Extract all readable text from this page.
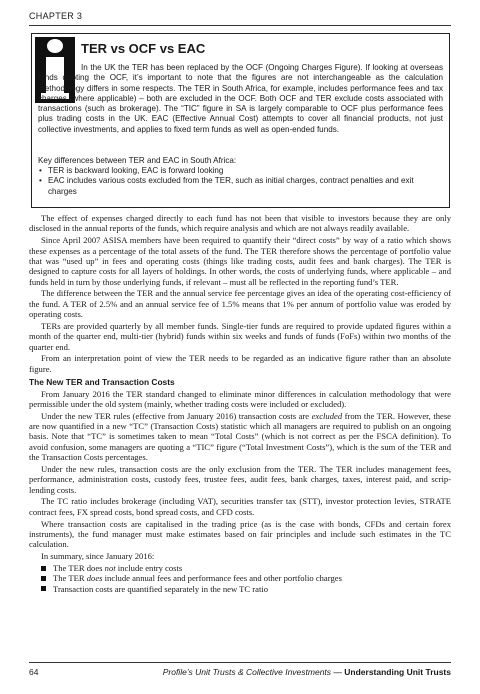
CHAPTER 3
TER vs OCF vs EAC

In the UK the TER has been replaced by the OCF (Ongoing Charges Figure). If looking at overseas funds quoting the OCF, it’s important to note that the figures are not interchangeable as the calculation methodology differs in some respects. The TER in South Africa, for example, includes performance fees and tax charges (where applicable) – both are excluded in the OCF. Both OCF and TER exclude costs associated with transactions (such as brokerage). The “TIC” figure in SA is largely comparable to OCF plus performance fees plus trading costs in the UK. EAC (Effective Annual Cost) attempts to cover all financial products, not just collective investments, and applies to fixed term funds as well as open-ended funds.

Key differences between TER and EAC in South Africa:

• TER is backward looking, EAC is forward looking
• EAC includes various costs excluded from the TER, such as initial charges, contract penalties and exit charges

The effect of expenses charged directly to each fund has not been that visible to investors because they are only disclosed in the annual reports of the funds, which require analysis and which are not always readily available.

Since April 2007 ASISA members have been required to quantify their “direct costs” by way of a ratio which shows these expenses as a percentage of the total assets of the fund. The TER therefore shows the percentage of portfolio value that was “used up” in fees and operating costs (things like trading costs, audit fees and bank charges). The TER is designed to capture costs for all layers of holdings. In other words, the costs of underlying funds, where applicable – and funds held in turn by those underlying funds, if relevant – must all be reflected in the reporting fund’s TER.

The difference between the TER and the annual service fee percentage gives an idea of the operating cost-efficiency of the fund. A TER of 2.5% and an annual service fee of 1.5% means that 1% per annum of portfolio value was eroded by operating costs.

TERs are provided quarterly by all member funds. Single-tier funds are required to provide updated figures within a month of the quarter end, multi-tier (hybrid) funds within six weeks and funds of funds (FoFs) within two months of the quarter end.

From an interpretation point of view the TER needs to be regarded as an indicative figure rather than an absolute figure.

The New TER and Transaction Costs

From January 2016 the TER standard changed to eliminate minor differences in calculation methodology that were permissible under the old system (mainly, whether trading costs were included or excluded).

Under the new TER rules (effective from January 2016) transaction costs are excluded from the TER. However, these are now quantified in a new “TC” (Transaction Costs) statistic which all managers are required to publish on an ongoing basis. Note that “TC” is sometimes taken to mean “Total Costs” (which is not correct as per the FSCA definition). To avoid confusion, some managers are quoting a “TIC” figure (“Total Investment Costs”), which is the sum of the TER and the Transaction Costs percentages.

Under the new rules, transaction costs are the only exclusion from the TER. The TER includes management fees, performance, administration costs, custody fees, trustee fees, audit fees, bank charges, taxes, interest paid, and scrip-lending costs.

The TC ratio includes brokerage (including VAT), securities transfer tax (STT), investor protection levies, STRATE contract fees, FX spread costs, bond spread costs, and CFD costs.

Where transaction costs are capitalised in the trading price (as is the case with bonds, CFDs and certain forex instruments), the fund manager must make estimates based on fair principles and include such estimates in the TC calculation.

In summary, since January 2016:

The TER does not include entry costs
The TER does include annual fees and performance fees and other portfolio charges
Transaction costs are quantified separately in the new TC ratio
64	Profile’s Unit Trusts & Collective Investments — Understanding Unit Trusts
